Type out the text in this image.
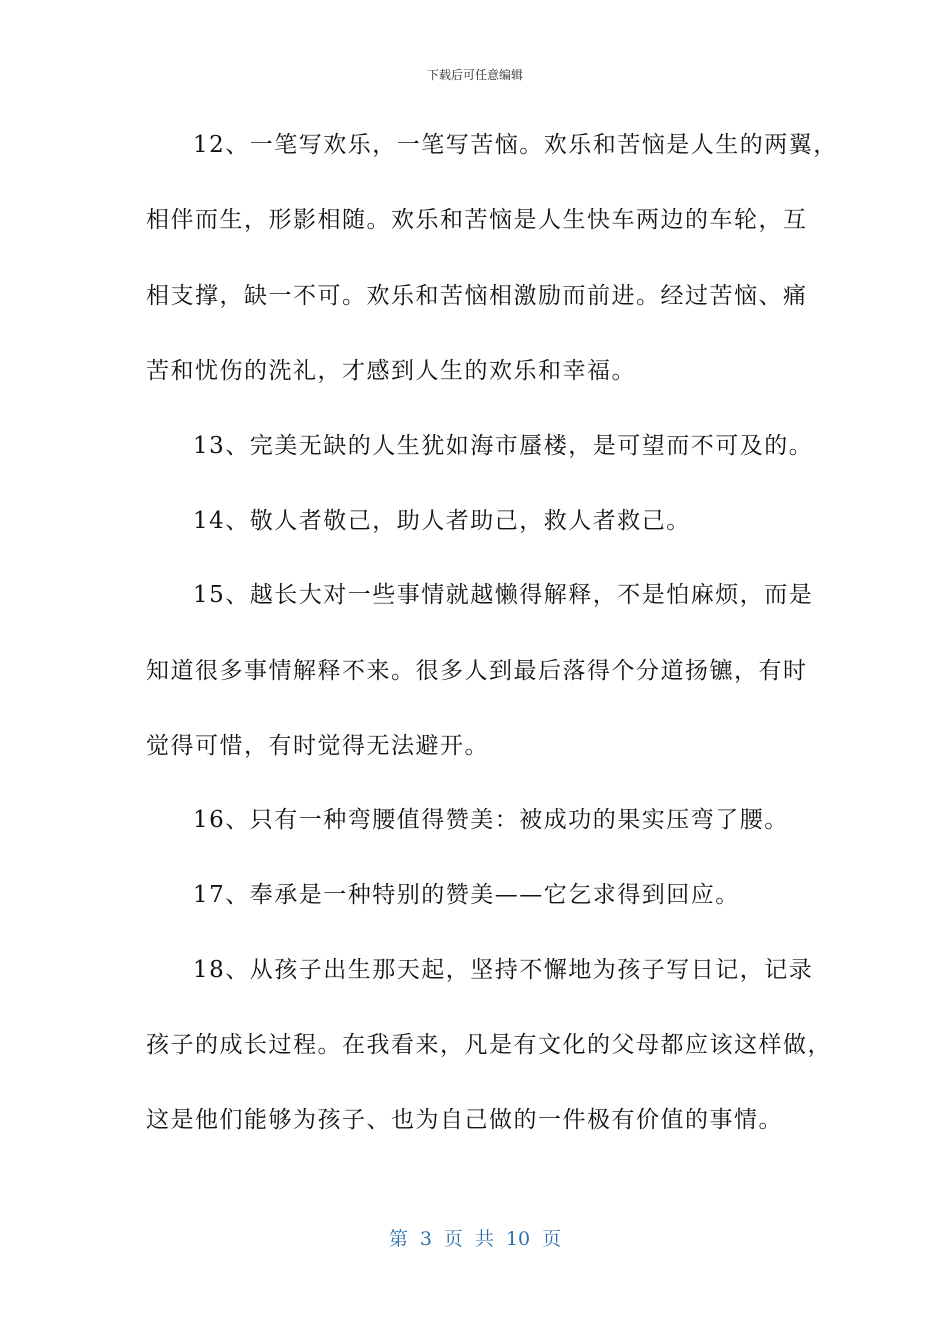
下载后可任意编辑
12、一笔写欢乐，一笔写苦恼。欢乐和苦恼是人生的两翼，
相伴而生，形影相随。欢乐和苦恼是人生快车两边的车轮，互
相支撑，缺一不可。欢乐和苦恼相激励而前进。经过苦恼、痛
苦和忧伤的洗礼，才感到人生的欢乐和幸福。
13、完美无缺的人生犹如海市蜃楼，是可望而不可及的。
14、敬人者敬己，助人者助己，救人者救己。
15、越长大对一些事情就越懒得解释，不是怕麻烦，而是
知道很多事情解释不来。很多人到最后落得个分道扬镳，有时
觉得可惜，有时觉得无法避开。
16、只有一种弯腰值得赞美：被成功的果实压弯了腰。
17、奉承是一种特别的赞美——它乞求得到回应。
18、从孩子出生那天起，坚持不懈地为孩子写日记，记录
孩子的成长过程。在我看来，凡是有文化的父母都应该这样做，
这是他们能够为孩子、也为自己做的一件极有价值的事情。
第 3 页 共 10 页
